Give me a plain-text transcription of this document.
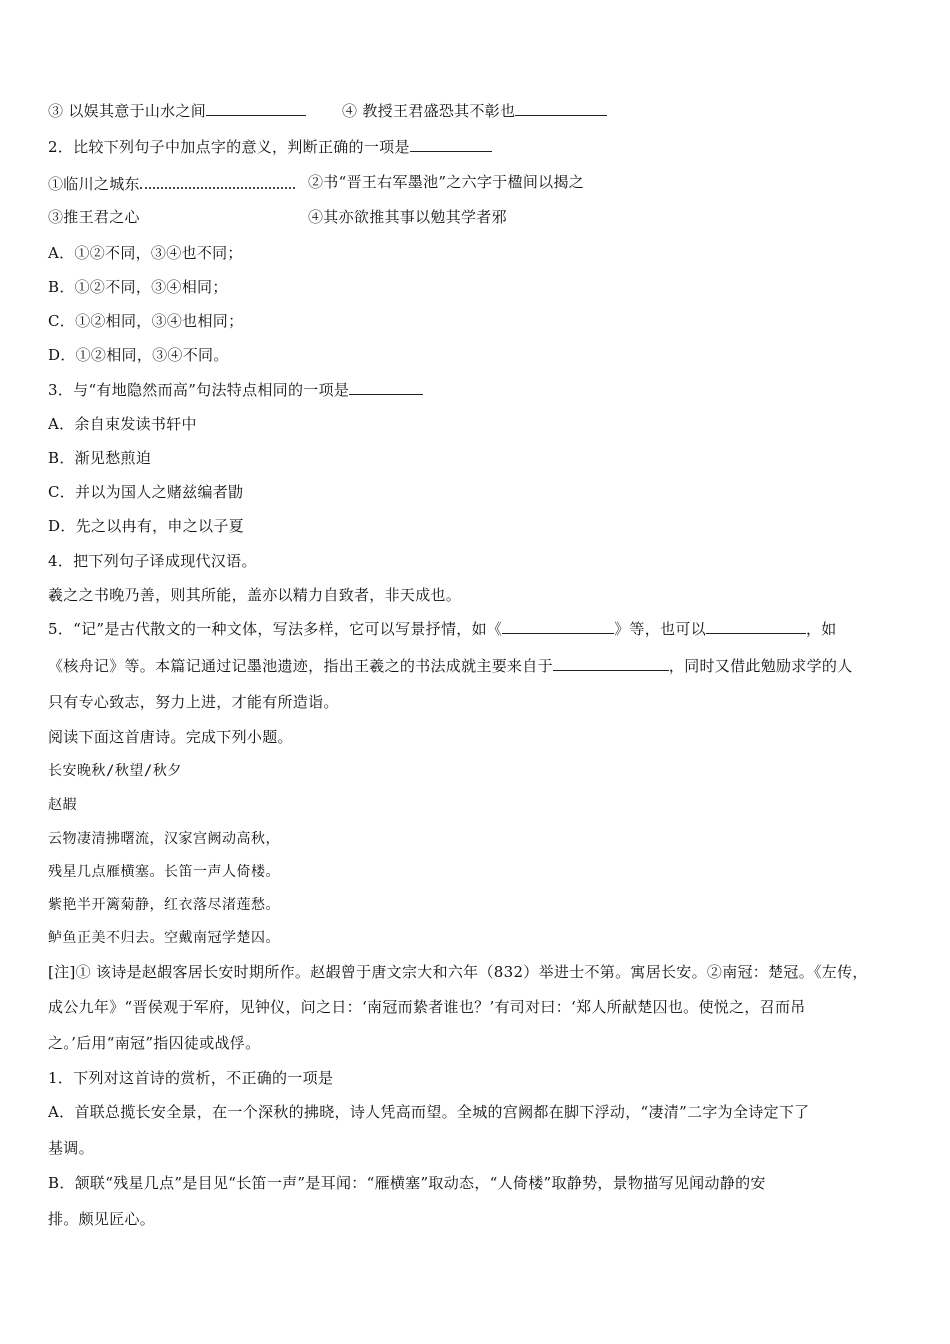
③ 以娱其意于山水之间	④ 教授王君盛恐其不彰也
2．比较下列句子中加点字的意义，判断正确的一项是
①临川之城东	②书“晋王右军墨池”之六字于楹间以揭之
③推王君之心	④其亦欲推其事以勉其学者邪
A．①②不同，③④也不同；
B．①②不同，③④相同；
C．①②相同，③④也相同；
D．①②相同，③④不同。
3．与“有地隐然而高”句法特点相同的一项是
A．余自束发读书轩中
B．渐见愁煎迫
C．并以为国人之赌兹编者勖
D．先之以冉有，申之以子夏
4．把下列句子译成现代汉语。
羲之之书晚乃善，则其所能，盖亦以精力自致者，非天成也。
5．“记”是古代散文的一种文体，写法多样，它可以写景抒情，如《	》等，也可以	，如
《核舟记》等。本篇记通过记墨池遗迹，指出王羲之的书法成就主要来自于	，同时又借此勉励求学的人
只有专心致志，努力上进，才能有所造诣。
阅读下面这首唐诗。完成下列小题。
长安晚秋/秋望/秋夕
赵嘏
云物凄清拂曙流，汉家宫阙动高秋，
残星几点雁横塞。长笛一声人倚楼。
紫艳半开篱菊静，红衣落尽渚莲愁。
鲈鱼正美不归去。空戴南冠学楚囚。
[注]① 该诗是赵嘏客居长安时期所作。赵嘏曾于唐文宗大和六年（832）举进士不第。寓居长安。②南冠：楚冠。《左传，
成公九年》“晋侯观于军府，见钟仪，问之日：‘南冠而絷者谁也？’有司对曰：‘郑人所献楚囚也。使悦之，召而吊
之。’后用“南冠”指囚徒或战俘。
1．下列对这首诗的赏析，不正确的一项是
A．首联总揽长安全景，在一个深秋的拂晓，诗人凭高而望。全城的宫阙都在脚下浮动，“凄清”二字为全诗定下了
基调。
B．颔联“残星几点”是目见“长笛一声”是耳闻：“雁横塞”取动态，“人倚楼”取静势，景物描写见闻动静的安
排。颇见匠心。
